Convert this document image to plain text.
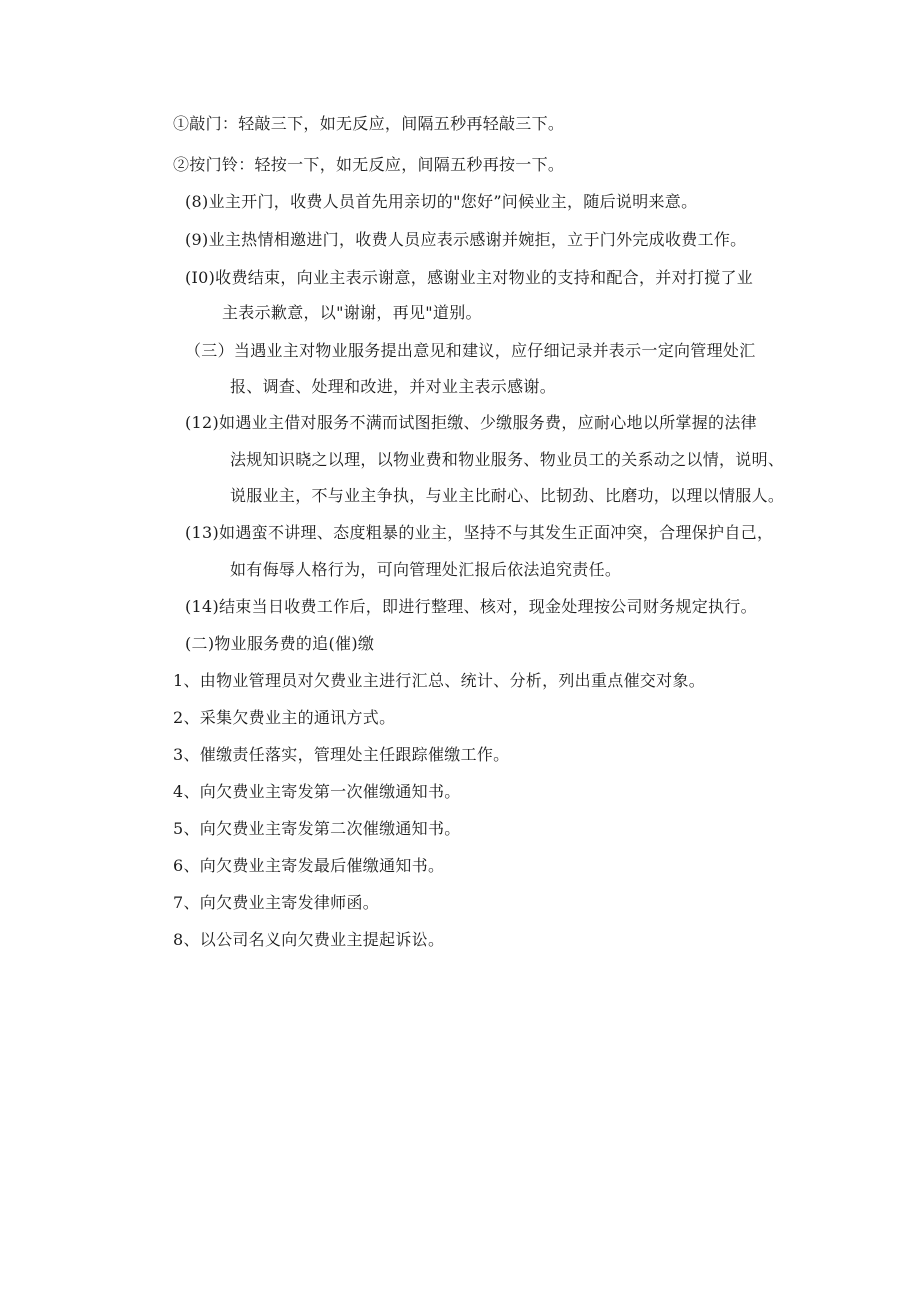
①敲门：轻敲三下，如无反应，间隔五秒再轻敲三下。
②按门铃：轻按一下，如无反应，间隔五秒再按一下。
(8)业主开门，收费人员首先用亲切的"您好”问候业主，随后说明来意。
(9)业主热情相邀进门，收费人员应表示感谢并婉拒，立于门外完成收费工作。
(I0)收费结束，向业主表示谢意，感谢业主对物业的支持和配合，并对打搅了业
主表示歉意，以"谢谢，再见"道别。
（三）当遇业主对物业服务提出意见和建议，应仔细记录并表示一定向管理处汇
报、调查、处理和改进，并对业主表示感谢。
(12)如遇业主借对服务不满而试图拒缴、少缴服务费，应耐心地以所掌握的法律
法规知识晓之以理，以物业费和物业服务、物业员工的关系动之以情，说明、
说服业主，不与业主争执，与业主比耐心、比韧劲、比磨功，以理以情服人。
(13)如遇蛮不讲理、态度粗暴的业主，坚持不与其发生正面冲突，合理保护自己，
如有侮辱人格行为，可向管理处汇报后依法追究责任。
(14)结束当日收费工作后，即进行整理、核对，现金处理按公司财务规定执行。
(二)物业服务费的追(催)缴
1、由物业管理员对欠费业主进行汇总、统计、分析，列出重点催交对象。
2、采集欠费业主的通讯方式。
3、催缴责任落实，管理处主任跟踪催缴工作。
4、向欠费业主寄发第一次催缴通知书。
5、向欠费业主寄发第二次催缴通知书。
6、向欠费业主寄发最后催缴通知书。
7、向欠费业主寄发律师函。
8、以公司名义向欠费业主提起诉讼。
